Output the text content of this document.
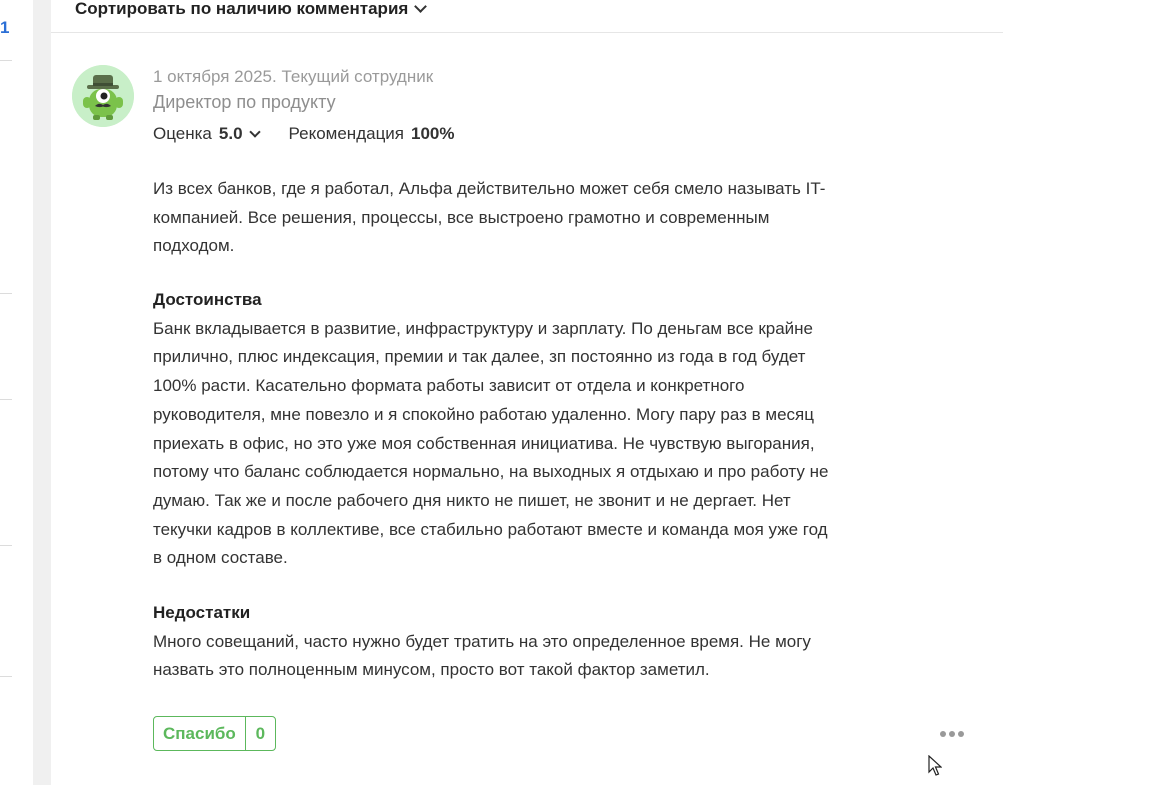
1
Сортировать по наличию комментария
1 октября 2025. Текущий сотрудник
Директор по продукту
Оценка 5.0	Рекомендация 100%
Из всех банков, где я работал, Альфа действительно может себя смело называть IT-
компанией. Все решения, процессы, все выстроено грамотно и современным
подходом.
Достоинства
Банк вкладывается в развитие, инфраструктуру и зарплату. По деньгам все крайне
прилично, плюс индексация, премии и так далее, зп постоянно из года в год будет
100% расти. Касательно формата работы зависит от отдела и конкретного
руководителя, мне повезло и я спокойно работаю удаленно. Могу пару раз в месяц
приехать в офис, но это уже моя собственная инициатива. Не чувствую выгорания,
потому что баланс соблюдается нормально, на выходных я отдыхаю и про работу не
думаю. Так же и после рабочего дня никто не пишет, не звонит и не дергает. Нет
текучки кадров в коллективе, все стабильно работают вместе и команда моя уже год
в одном составе.
Недостатки
Много совещаний, часто нужно будет тратить на это определенное время. Не могу
назвать это полноценным минусом, просто вот такой фактор заметил.
Спасибо	0
